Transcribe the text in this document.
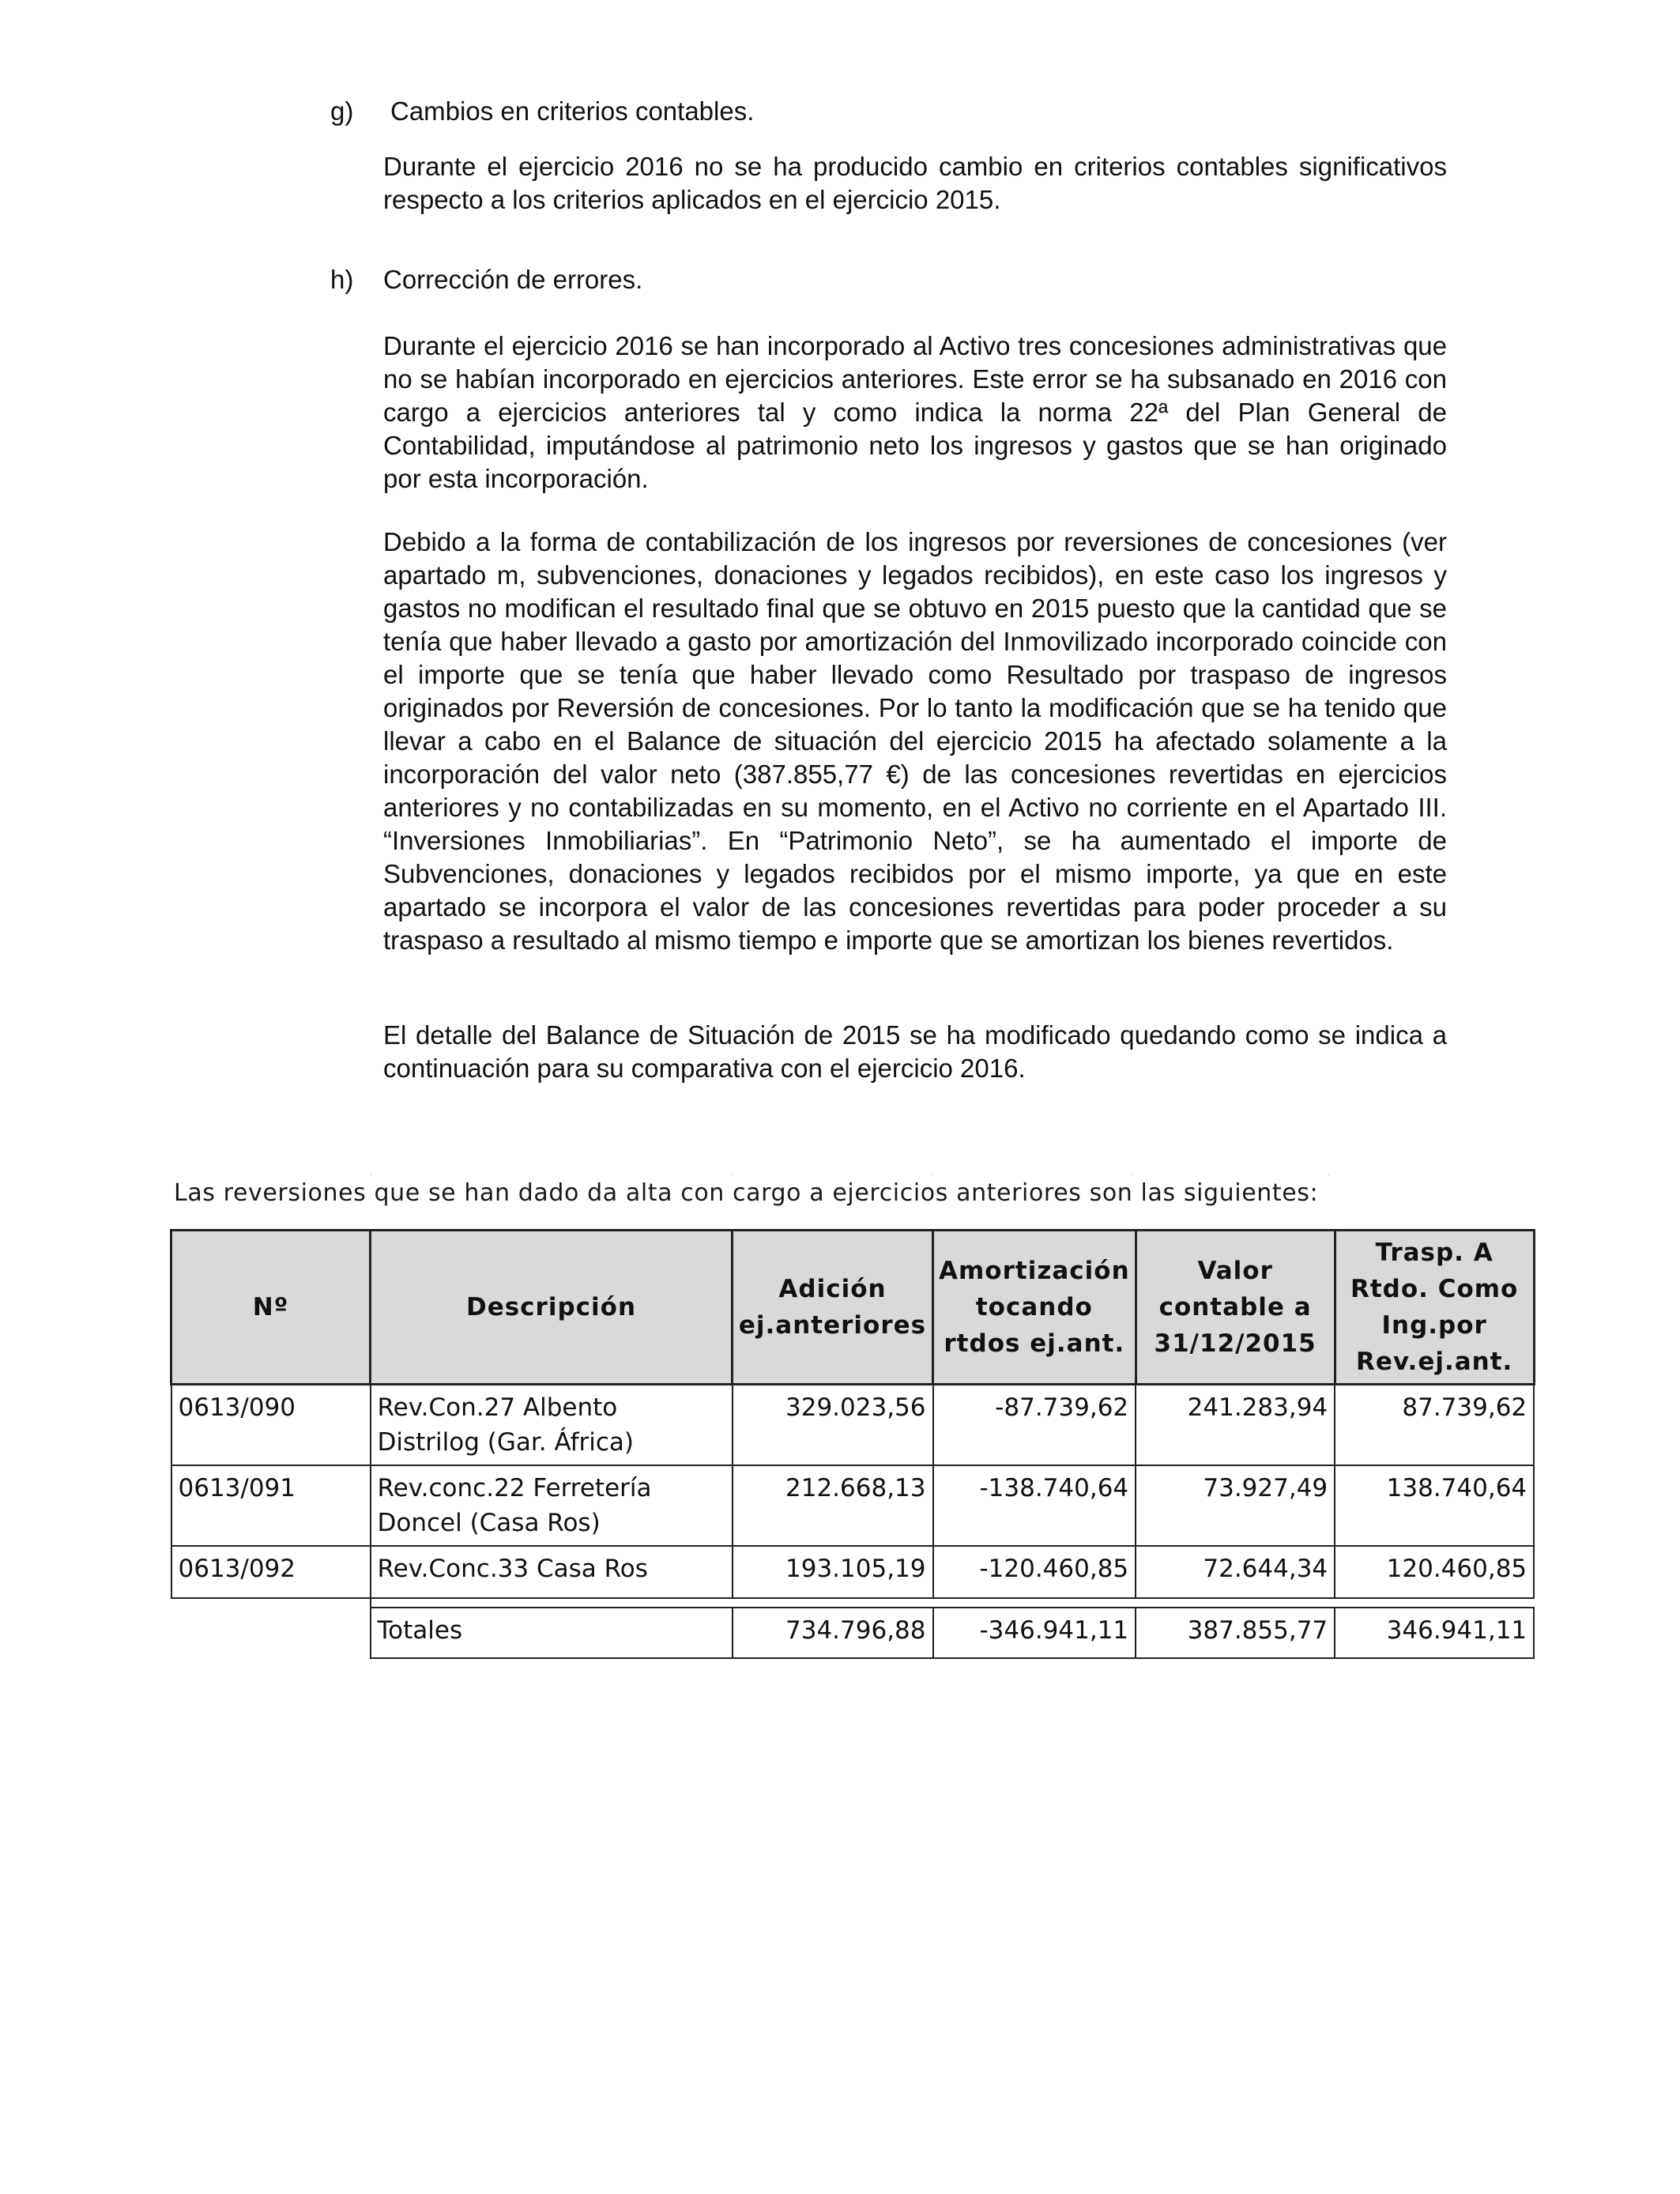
g) Cambios en criterios contables.

Durante el ejercicio 2016 no se ha producido cambio en criterios contables significativos respecto a los criterios aplicados en el ejercicio 2015.

h) Corrección de errores.

Durante el ejercicio 2016 se han incorporado al Activo tres concesiones administrativas que no se habían incorporado en ejercicios anteriores. Este error se ha subsanado en 2016 con cargo a ejercicios anteriores tal y como indica la norma 22ª del Plan General de Contabilidad, imputándose al patrimonio neto los ingresos y gastos que se han originado por esta incorporación.

Debido a la forma de contabilización de los ingresos por reversiones de concesiones (ver apartado m, subvenciones, donaciones y legados recibidos), en este caso los ingresos y gastos no modifican el resultado final que se obtuvo en 2015 puesto que la cantidad que se tenía que haber llevado a gasto por amortización del Inmovilizado incorporado coincide con el importe que se tenía que haber llevado como Resultado por traspaso de ingresos originados por Reversión de concesiones. Por lo tanto la modificación que se ha tenido que llevar a cabo en el Balance de situación del ejercicio 2015 ha afectado solamente a la incorporación del valor neto (387.855,77 €) de las concesiones revertidas en ejercicios anteriores y no contabilizadas en su momento, en el Activo no corriente en el Apartado III. “Inversiones Inmobiliarias”. En “Patrimonio Neto”, se ha aumentado el importe de Subvenciones, donaciones y legados recibidos por el mismo importe, ya que en este apartado se incorpora el valor de las concesiones revertidas para poder proceder a su traspaso a resultado al mismo tiempo e importe que se amortizan los bienes revertidos.

El detalle del Balance de Situación de 2015 se ha modificado quedando como se indica a continuación para su comparativa con el ejercicio 2016.

·	·	·	·	·
Las reversiones que se han dado da alta con cargo a ejercicios anteriores son las siguientes:
Nº	Descripción	Adición ej.anteriores	Amortización tocando rtdos ej.ant.	Valor contable a 31/12/2015	Trasp. A Rtdo. Como Ing.por Rev.ej.ant.
0613/090	Rev.Con.27 Albento Distrilog (Gar. África)	329.023,56	-87.739,62	241.283,94	87.739,62
0613/091	Rev.conc.22 Ferretería Doncel (Casa Ros)	212.668,13	-138.740,64	73.927,49	138.740,64
0613/092	Rev.Conc.33 Casa Ros	193.105,19	-120.460,85	72.644,34	120.460,85

	Totales	734.796,88	-346.941,11	387.855,77	346.941,11
